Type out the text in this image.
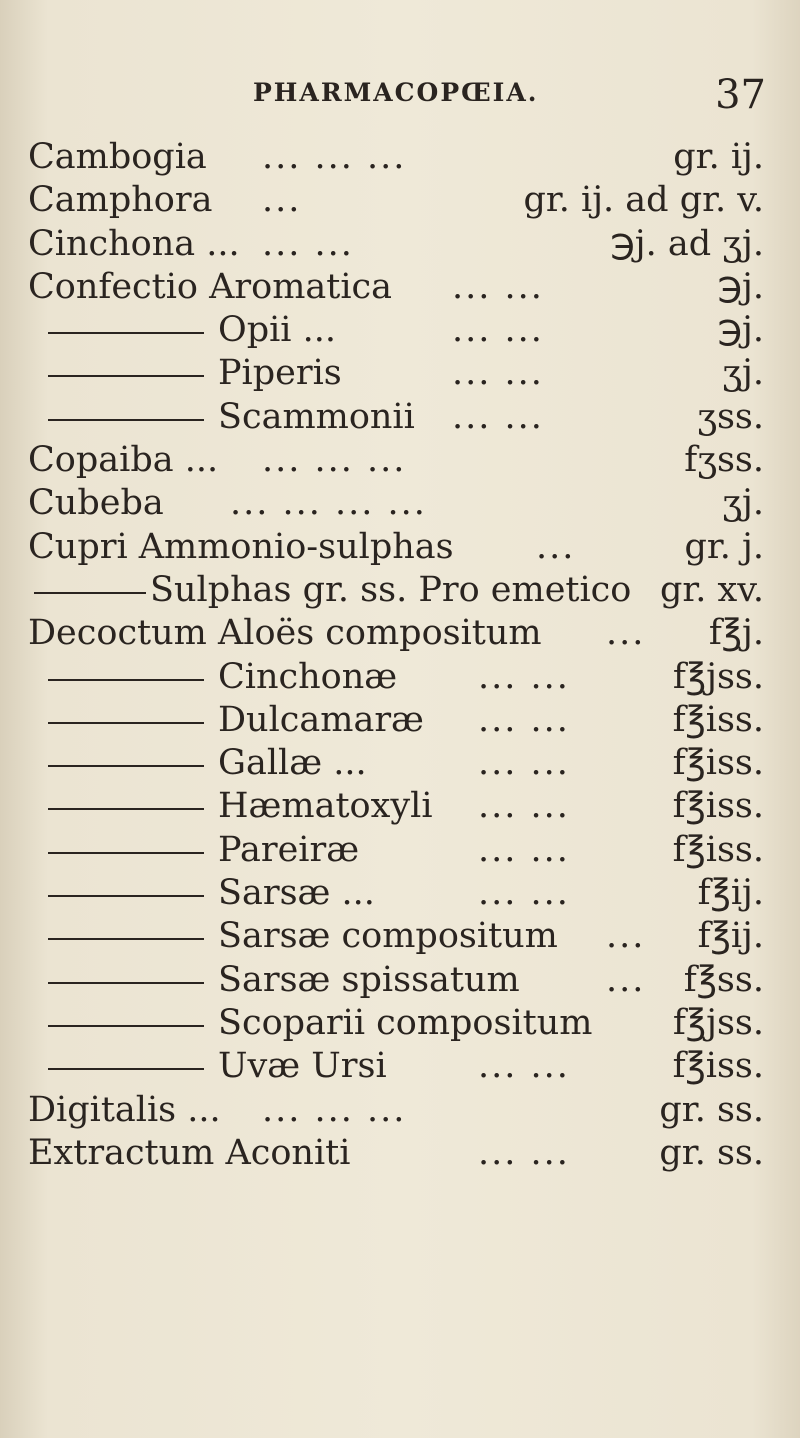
PHARMACOPŒIA.	37
Cambogia ... ... ...	gr. ij.
Camphora ...	gr. ij. ad gr. v.
Cinchona ... ... ...	℈j. ad ʒj.
Confectio Aromatica ... ...	℈j.
Opii ...	... ...	℈j.
Piperis	... ...	ʒj.
Scammonii ... ...	ʒss.
Copaiba ... ... ... ...	fʒss.
Cubeba ... ... ... ...	ʒj.
Cupri Ammonio-sulphas ...	gr. j.
Sulphas gr. ss. Pro emetico gr. xv.
Decoctum Aloës compositum ... f℥j.
Cinchonæ ... ...	f℥jss.
Dulcamaræ ... ...	f℥iss.
Gallæ ...	... ...	f℥iss.
Hæmatoxyli ... ...	f℥iss.
Pareiræ	... ...	f℥iss.
Sarsæ ...	... ...	f℥ij.
Sarsæ compositum ... f℥ij.
Sarsæ spissatum ... f℥ss.
Scoparii compositum f℥jss.
Uvæ Ursi	... ...	f℥iss.
Digitalis ... ... ... ...	gr. ss.
Extractum Aconiti	... ...	gr. ss.
